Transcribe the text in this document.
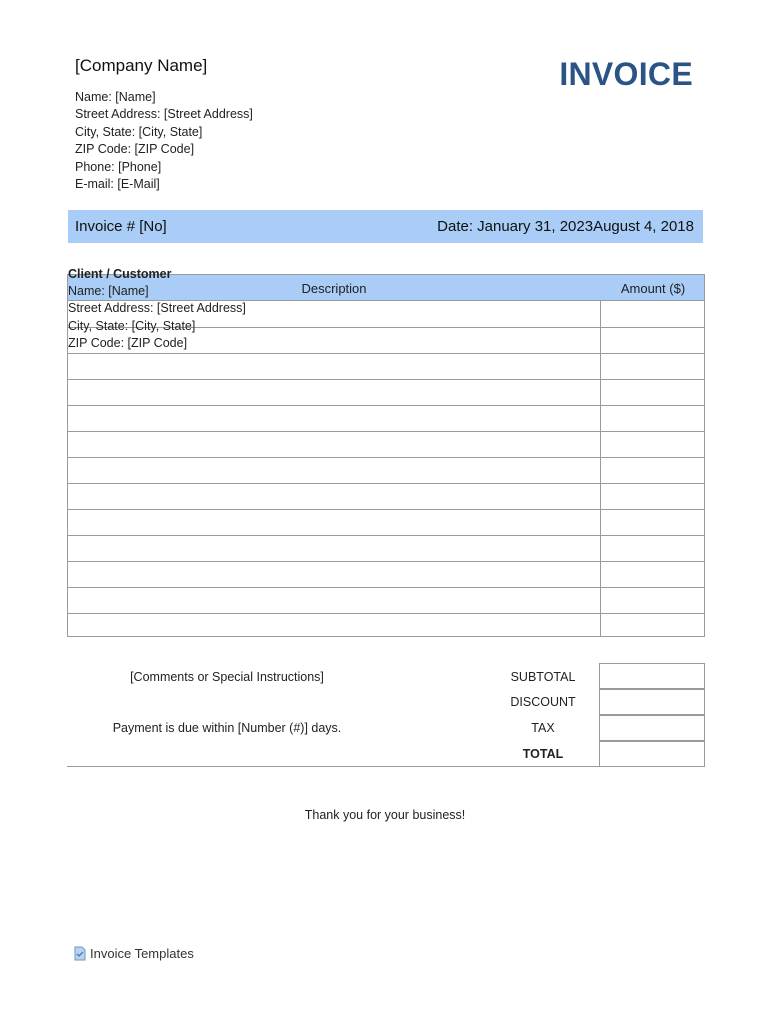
[Company Name]	INVOICE
Name: [Name]
Street Address: [Street Address]
City, State: [City, State]
ZIP Code: [ZIP Code]
Phone: [Phone]
E-mail: [E-Mail]
Invoice # [No]	Date: January 31, 2023August 4, 2018
Description	Amount ($)
Client / Customer
Name: [Name]
Street Address: [Street Address]
City, State: [City, State]
ZIP Code: [ZIP Code]
[Comments or Special Instructions]
Payment is due within [Number (#)] days.
SUBTOTAL
DISCOUNT
TAX
TOTAL
Thank you for your business!
Invoice Templates
